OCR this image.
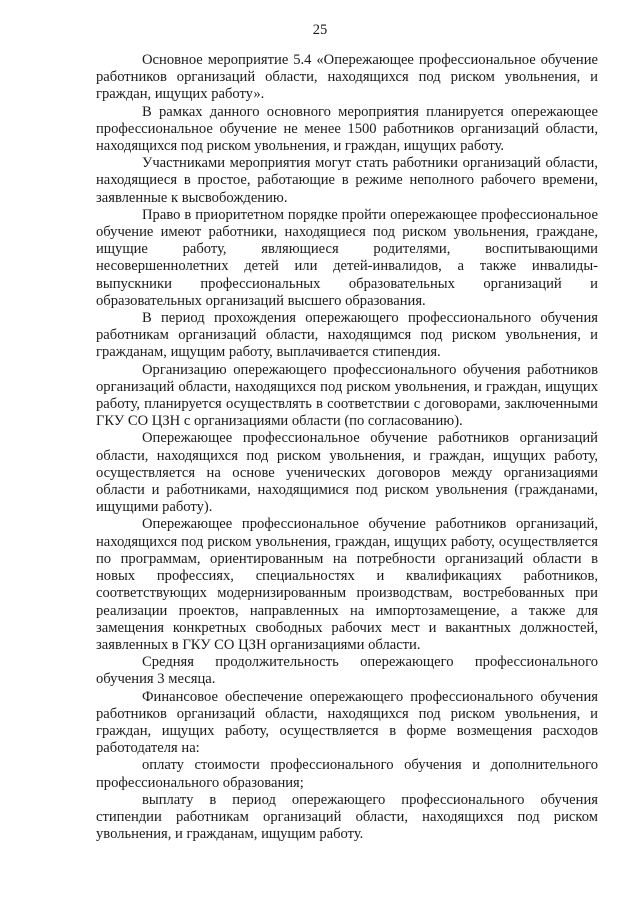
25

Основное мероприятие 5.4 «Опережающее профессиональное обучение работников организаций области, находящихся под риском увольнения, и граждан, ищущих работу».

В рамках данного основного мероприятия планируется опережающее профессиональное обучение не менее 1500 работников организаций области, находящихся под риском увольнения, и граждан, ищущих работу.

Участниками мероприятия могут стать работники организаций области, находящиеся в простое, работающие в режиме неполного рабочего времени, заявленные к высвобождению.

Право в приоритетном порядке пройти опережающее профессиональное обучение имеют работники, находящиеся под риском увольнения, граждане, ищущие работу, являющиеся родителями, воспитывающими несовершеннолетних детей или детей-инвалидов, а также инвалиды-выпускники профессиональных образовательных организаций и образовательных организаций высшего образования.

В период прохождения опережающего профессионального обучения работникам организаций области, находящимся под риском увольнения, и гражданам, ищущим работу, выплачивается стипендия.

Организацию опережающего профессионального обучения работников организаций области, находящихся под риском увольнения, и граждан, ищущих работу, планируется осуществлять в соответствии с договорами, заключенными ГКУ СО ЦЗН с организациями области (по согласованию).

Опережающее профессиональное обучение работников организаций области, находящихся под риском увольнения, и граждан, ищущих работу, осуществляется на основе ученических договоров между организациями области и работниками, находящимися под риском увольнения (гражданами, ищущими работу).

Опережающее профессиональное обучение работников организаций, находящихся под риском увольнения, граждан, ищущих работу, осуществляется по программам, ориентированным на потребности организаций области в новых профессиях, специальностях и квалификациях работников, соответствующих модернизированным производствам, востребованных при реализации проектов, направленных на импортозамещение, а также для замещения конкретных свободных рабочих мест и вакантных должностей, заявленных в ГКУ СО ЦЗН организациями области.

Средняя продолжительность опережающего профессионального обучения 3 месяца.

Финансовое обеспечение опережающего профессионального обучения работников организаций области, находящихся под риском увольнения, и граждан, ищущих работу, осуществляется в форме возмещения расходов работодателя на:

оплату стоимости профессионального обучения и дополнительного профессионального образования;

выплату в период опережающего профессионального обучения стипендии работникам организаций области, находящихся под риском увольнения, и гражданам, ищущим работу.
